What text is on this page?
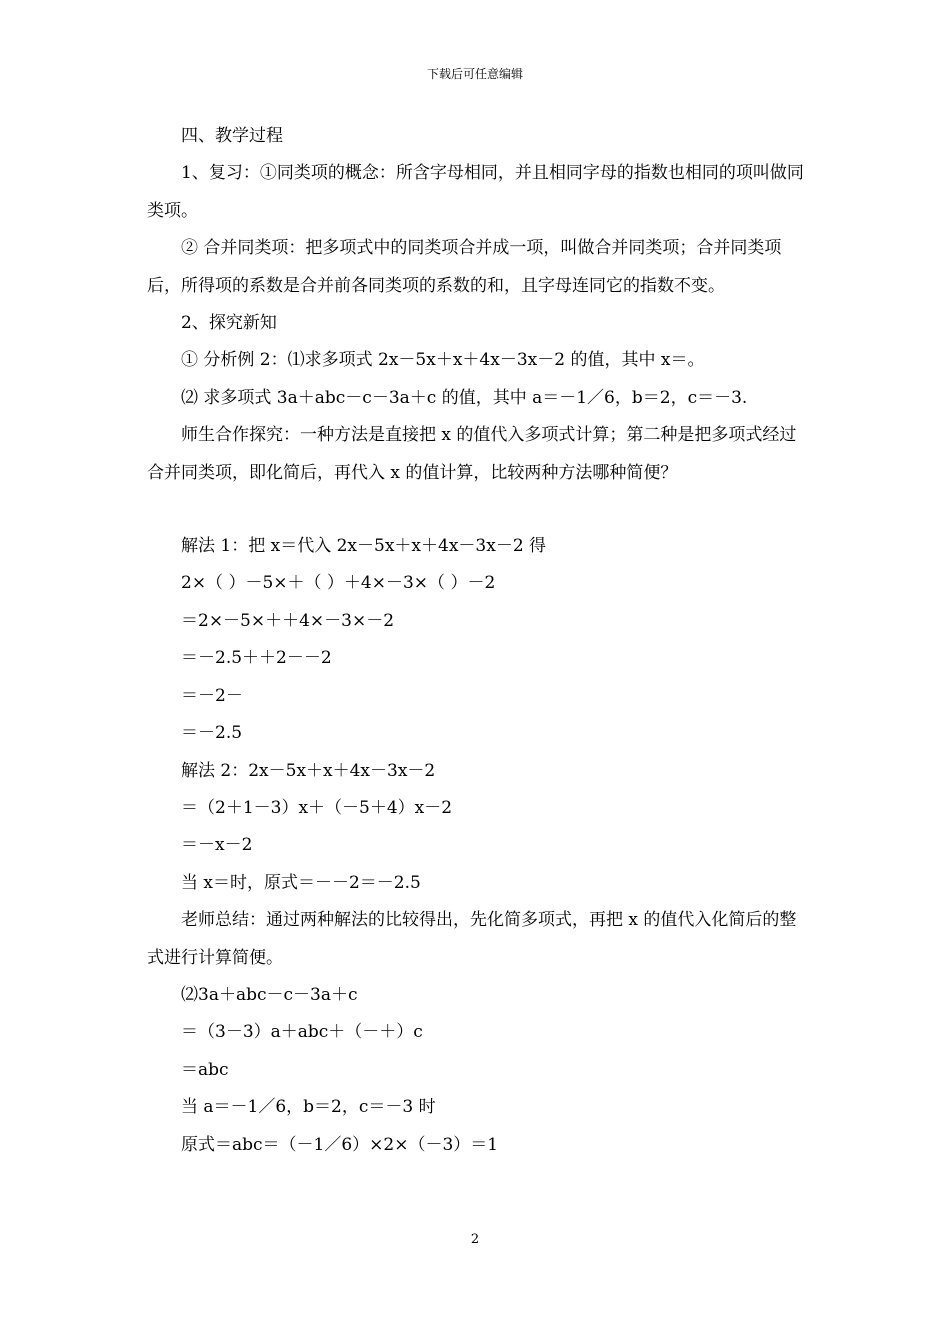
下载后可任意编辑

四、教学过程

1、复习：①同类项的概念：所含字母相同，并且相同字母的指数也相同的项叫做同类项。

② 合并同类项：把多项式中的同类项合并成一项，叫做合并同类项；合并同类项后，所得项的系数是合并前各同类项的系数的和，且字母连同它的指数不变。

2、探究新知

① 分析例 2：⑴求多项式 2x－5x＋x＋4x－3x－2 的值，其中 x＝。

⑵ 求多项式 3a＋abc－c－3a＋c 的值，其中 a＝－1／6，b＝2，c＝－3.

师生合作探究：一种方法是直接把 x 的值代入多项式计算；第二种是把多项式经过合并同类项，即化简后，再代入 x 的值计算，比较两种方法哪种简便？

解法 1：把 x＝代入 2x－5x＋x＋4x－3x－2 得

2×（ ）－5×＋（ ）＋4×－3×（ ）－2

＝2×－5×＋＋4×－3×－2

＝－2.5＋＋2－－2

＝－2－

＝－2.5

解法 2：2x－5x＋x＋4x－3x－2

＝（2＋1－3）x＋（－5＋4）x－2

＝－x－2

当 x＝时，原式＝－－2＝－2.5

老师总结：通过两种解法的比较得出，先化简多项式，再把 x 的值代入化简后的整式进行计算简便。

⑵3a＋abc－c－3a＋c

＝（3－3）a＋abc＋（－＋）c

＝abc

当 a＝－1／6，b＝2，c＝－3 时

原式＝abc＝（－1／6）×2×（－3）＝1

2
